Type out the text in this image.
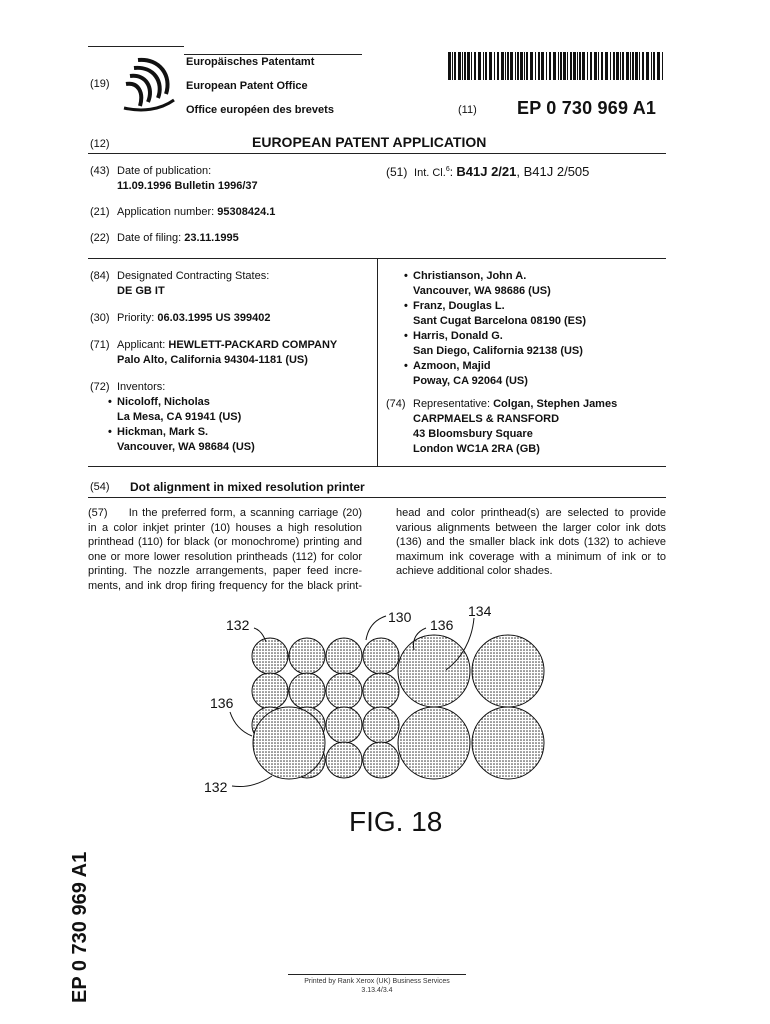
(19)
Europäisches Patentamt
European Patent Office
Office européen des brevets	(11) EP 0 730 969 A1
(12)	EUROPEAN PATENT APPLICATION
(43) Date of publication:
11.09.1996 Bulletin 1996/37
(51) Int. Cl.$^6$: B41J 2/21, B41J 2/505
(21) Application number: 95308424.1
(22) Date of filing: 23.11.1995
(84) Designated Contracting States:
DE GB IT
(30) Priority: 06.03.1995 US 399402
(71) Applicant: HEWLETT-PACKARD COMPANY
Palo Alto, California 94304-1181 (US)
(72) Inventors:
• Nicoloff, Nicholas
La Mesa, CA 91941 (US)
• Hickman, Mark S.
Vancouver, WA 98684 (US)
• Christianson, John A.
Vancouver, WA 98686 (US)
• Franz, Douglas L.
Sant Cugat Barcelona 08190 (ES)
• Harris, Donald G.
San Diego, California 92138 (US)
• Azmoon, Majid
Poway, CA 92064 (US)
(74) Representative: Colgan, Stephen James
CARPMAELS & RANSFORD
43 Bloomsbury Square
London WC1A 2RA (GB)
(54) Dot alignment in mixed resolution printer
(57) In the preferred form, a scanning carriage (20)
in a color inkjet printer (10) houses a high resolution
printhead (110) for black (or monochrome) printing and
one or more lower resolution printheads (112) for color
printing. The nozzle arrangements, paper feed incre-
ments, and ink drop firing frequency for the black print-
head and color printhead(s) are selected to provide
various alignments between the larger color ink dots
(136) and the smaller black ink dots (132) to achieve
maximum ink coverage with a minimum of ink or to
achieve additional color shades.
132	130 136
134
136
132
FIG. 18
EP 0 730 969 A1	Printed by Rank Xerox (UK) Business Services
3.13.4/3.4
